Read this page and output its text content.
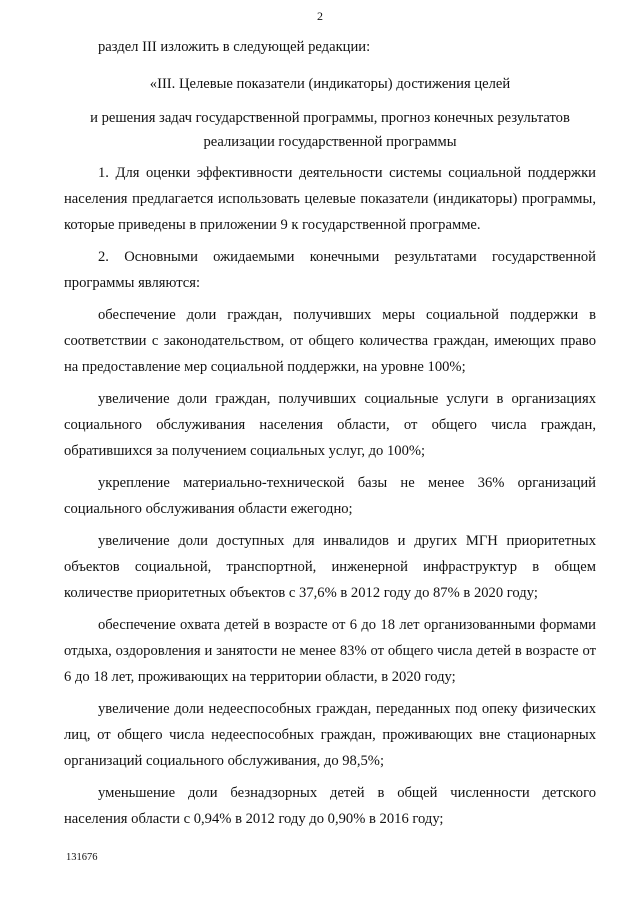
2

раздел III изложить в следующей редакции:

«III. Целевые показатели (индикаторы) достижения целей
и решения задач государственной программы, прогноз конечных результатов реализации государственной программы

1. Для оценки эффективности деятельности системы социальной поддержки населения предлагается использовать целевые показатели (индикаторы) программы, которые приведены в приложении 9 к государственной программе.

2. Основными ожидаемыми конечными результатами государственной программы являются:

обеспечение доли граждан, получивших меры социальной поддержки в соответствии с законодательством, от общего количества граждан, имеющих право на предоставление мер социальной поддержки, на уровне 100%;

увеличение доли граждан, получивших социальные услуги в организациях социального обслуживания населения области, от общего числа граждан, обратившихся за получением социальных услуг, до 100%;

укрепление материально-технической базы не менее 36% организаций социального обслуживания области ежегодно;

увеличение доли доступных для инвалидов и других МГН приоритетных объектов социальной, транспортной, инженерной инфраструктур в общем количестве приоритетных объектов с 37,6% в 2012 году до 87% в 2020 году;

обеспечение охвата детей в возрасте от 6 до 18 лет организованными формами отдыха, оздоровления и занятости не менее 83% от общего числа детей в возрасте от 6 до 18 лет, проживающих на территории области, в 2020 году;

увеличение доли недееспособных граждан, переданных под опеку физических лиц, от общего числа недееспособных граждан, проживающих вне стационарных организаций социального обслуживания, до 98,5%;

уменьшение доли безнадзорных детей в общей численности детского населения области с 0,94% в 2012 году до 0,90% в 2016 году;

131676
